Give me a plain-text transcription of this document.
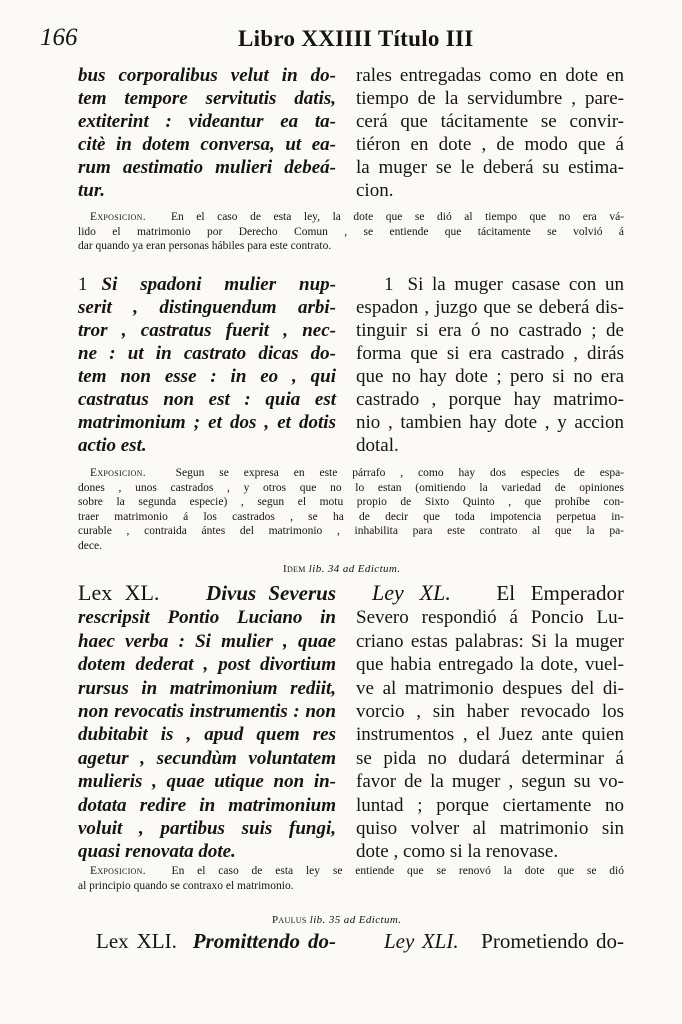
166	Libro XXIIII Título III
bus corporalibus velut in do-
tem tempore servitutis datis,
extiterint : videantur ea ta-
citè in dotem conversa, ut ea-
rum aestimatio mulieri debeá-
tur.
rales entregadas como en dote en
tiempo de la servidumbre , pare-
cerá que tácitamente se convir-
tiéron en dote , de modo que á
la muger se le deberá su estima-
cion.
Exposicion. En el caso de esta ley, la dote que se dió al tiempo que no era vá-
lido el matrimonio por Derecho Comun , se entiende que tácitamente se volvió á
dar quando ya eran personas hábiles para este contrato.
1 Si spadoni mulier nup-
serit , distinguendum arbi-
tror , castratus fuerit , nec-
ne : ut in castrato dicas do-
tem non esse : in eo , qui
castratus non est : quia est
matrimonium ; et dos , et dotis
actio est.
1 Si la muger casase con un
espadon , juzgo que se deberá dis-
tinguir si era ó no castrado ; de
forma que si era castrado , dirás
que no hay dote ; pero si no era
castrado , porque hay matrimo-
nio , tambien hay dote , y accion
dotal.
Exposicion.	Segun se expresa en este párrafo , como hay dos especies de espa-
dones , unos castrados , y otros que no lo estan (omitiendo la variedad de opiniones
sobre la segunda especie) , segun el motu propio de Sixto Quinto , que prohíbe con-
traer matrimonio á los castrados , se ha de decir que toda impotencia perpetua in-
curable , contraida ántes del matrimonio , inhabilita para este contrato al que la pa-
dece.
Idem lib. 34 ad Edictum.
Lex XL. Divus Severus
rescripsit Pontio Luciano in
haec verba : Si mulier , quae
dotem dederat , post divortium
rursus in matrimonium rediit,
non revocatis instrumentis : non
dubitabit is , apud quem res
agetur , secundùm voluntatem
mulieris , quae utique non in-
dotata redire in matrimonium
voluit , partibus suis fungi,
quasi renovata dote.
Ley XL. El Emperador
Severo respondió á Poncio Lu-
criano estas palabras: Si la muger
que habia entregado la dote, vuel-
ve al matrimonio despues del di-
vorcio , sin haber revocado los
instrumentos , el Juez ante quien
se pida no dudará determinar á
favor de la muger , segun su vo-
luntad ; porque ciertamente no
quiso volver al matrimonio sin
dote , como si la renovase.
Exposicion. En el caso de esta ley se entiende que se renovó la dote que se dió
al principio quando se contraxo el matrimonio.
Paulus lib. 35 ad Edictum.
Lex XLI. Promittendo do- Ley XLI. Prometiendo do-
